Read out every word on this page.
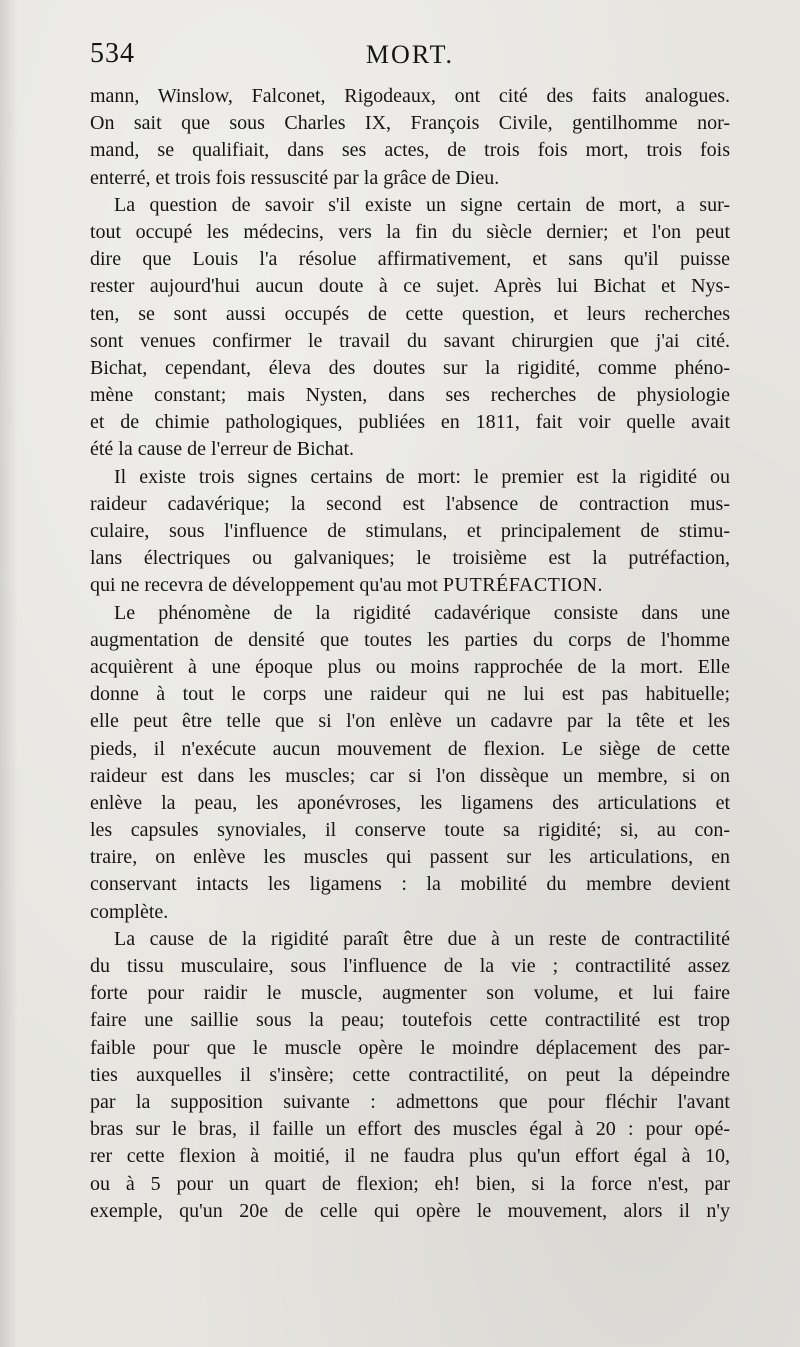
534	MORT.
mann, Winslow, Falconet, Rigodeaux, ont cité des faits analogues.
On sait que sous Charles IX, François Civile, gentilhomme nor-
mand, se qualifiait, dans ses actes, de trois fois mort, trois fois
enterré, et trois fois ressuscité par la grâce de Dieu.
La question de savoir s'il existe un signe certain de mort, a sur-
tout occupé les médecins, vers la fin du siècle dernier; et l'on peut
dire que Louis l'a résolue affirmativement, et sans qu'il puisse
rester aujourd'hui aucun doute à ce sujet. Après lui Bichat et Nys-
ten, se sont aussi occupés de cette question, et leurs recherches
sont venues confirmer le travail du savant chirurgien que j'ai cité.
Bichat, cependant, éleva des doutes sur la rigidité, comme phéno-
mène constant; mais Nysten, dans ses recherches de physiologie
et de chimie pathologiques, publiées en 1811, fait voir quelle avait
été la cause de l'erreur de Bichat.
Il existe trois signes certains de mort: le premier est la rigidité ou
raideur cadavérique; la second est l'absence de contraction mus-
culaire, sous l'influence de stimulans, et principalement de stimu-
lans électriques ou galvaniques; le troisième est la putréfaction,
qui ne recevra de développement qu'au mot PUTRÉFACTION.
Le phénomène de la rigidité cadavérique consiste dans une
augmentation de densité que toutes les parties du corps de l'homme
acquièrent à une époque plus ou moins rapprochée de la mort. Elle
donne à tout le corps une raideur qui ne lui est pas habituelle;
elle peut être telle que si l'on enlève un cadavre par la tête et les
pieds, il n'exécute aucun mouvement de flexion. Le siège de cette
raideur est dans les muscles; car si l'on dissèque un membre, si on
enlève la peau, les aponévroses, les ligamens des articulations et
les capsules synoviales, il conserve toute sa rigidité; si, au con-
traire, on enlève les muscles qui passent sur les articulations, en
conservant intacts les ligamens : la mobilité du membre devient
complète.
La cause de la rigidité paraît être due à un reste de contractilité
du tissu musculaire, sous l'influence de la vie ; contractilité assez
forte pour raidir le muscle, augmenter son volume, et lui faire
faire une saillie sous la peau; toutefois cette contractilité est trop
faible pour que le muscle opère le moindre déplacement des par-
ties auxquelles il s'insère; cette contractilité, on peut la dépeindre
par la supposition suivante : admettons que pour fléchir l'avant
bras sur le bras, il faille un effort des muscles égal à 20 : pour opé-
rer cette flexion à moitié, il ne faudra plus qu'un effort égal à 10,
ou à 5 pour un quart de flexion; eh! bien, si la force n'est, par
exemple, qu'un 20e de celle qui opère le mouvement, alors il n'y
